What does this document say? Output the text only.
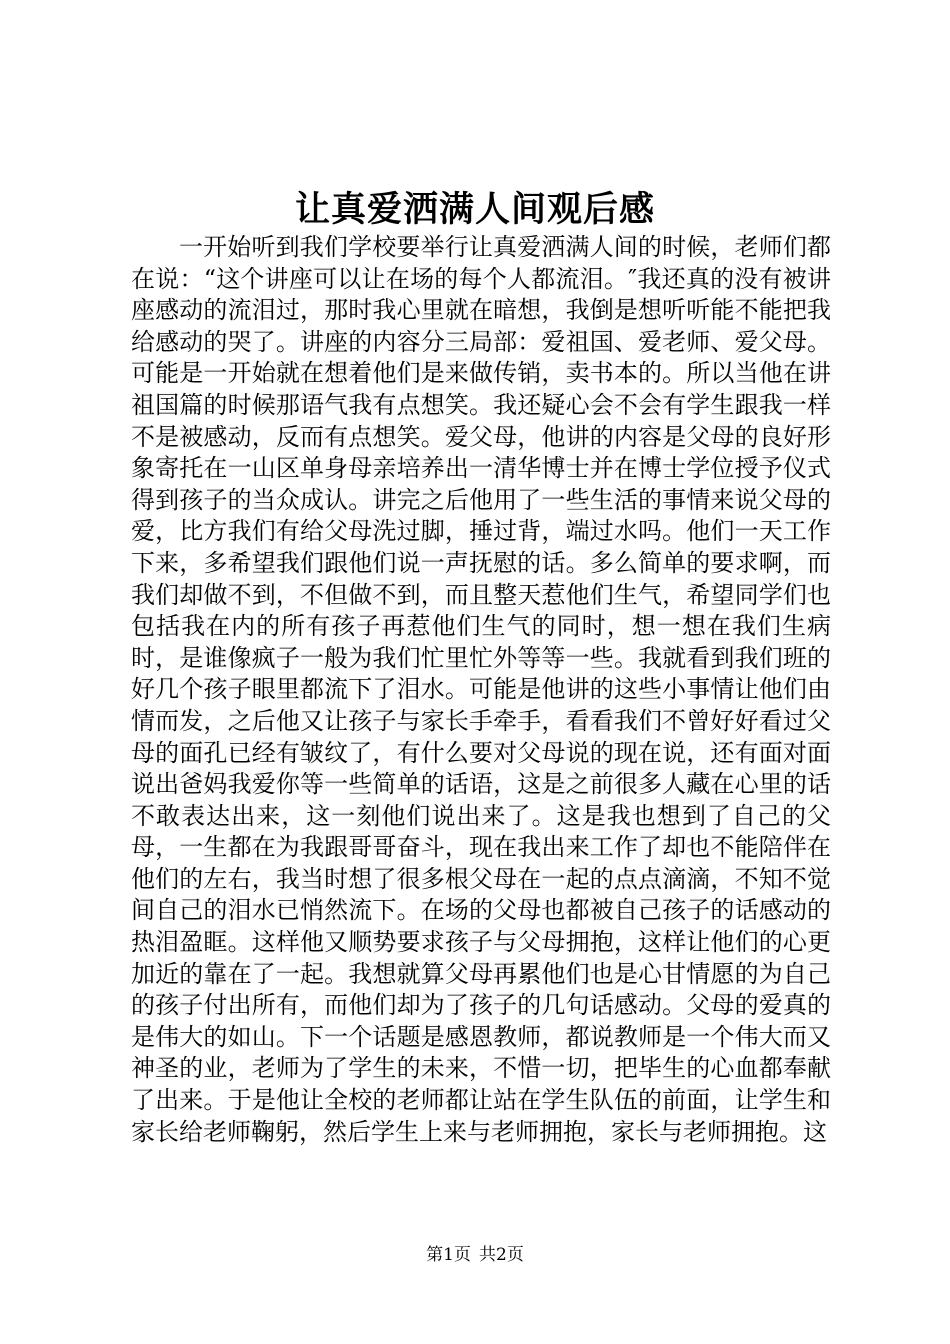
让真爱洒满人间观后感

一开始听到我们学校要举行让真爱洒满人间的时候，老师们都在说：“这个讲座可以让在场的每个人都流泪。″我还真的没有被讲座感动的流泪过，那时我心里就在暗想，我倒是想听听能不能把我给感动的哭了。讲座的内容分三局部：爱祖国、爱老师、爱父母。可能是一开始就在想着他们是来做传销，卖书本的。所以当他在讲祖国篇的时候那语气我有点想笑。我还疑心会不会有学生跟我一样不是被感动，反而有点想笑。爱父母，他讲的内容是父母的良好形象寄托在一山区单身母亲培养出一清华博士并在博士学位授予仪式得到孩子的当众成认。讲完之后他用了一些生活的事情来说父母的爱，比方我们有给父母洗过脚，捶过背，端过水吗。他们一天工作下来，多希望我们跟他们说一声抚慰的话。多么简单的要求啊，而我们却做不到，不但做不到，而且整天惹他们生气，希望同学们也包括我在内的所有孩子再惹他们生气的同时，想一想在我们生病时，是谁像疯子一般为我们忙里忙外等等一些。我就看到我们班的好几个孩子眼里都流下了泪水。可能是他讲的这些小事情让他们由情而发，之后他又让孩子与家长手牵手，看看我们不曾好好看过父母的面孔已经有皱纹了，有什么要对父母说的现在说，还有面对面说出爸妈我爱你等一些简单的话语，这是之前很多人藏在心里的话不敢表达出来，这一刻他们说出来了。这是我也想到了自己的父母，一生都在为我跟哥哥奋斗，现在我出来工作了却也不能陪伴在他们的左右，我当时想了很多根父母在一起的点点滴滴，不知不觉间自己的泪水已悄然流下。在场的父母也都被自己孩子的话感动的热泪盈眶。这样他又顺势要求孩子与父母拥抱，这样让他们的心更加近的靠在了一起。我想就算父母再累他们也是心甘情愿的为自己的孩子付出所有，而他们却为了孩子的几句话感动。父母的爱真的是伟大的如山。下一个话题是感恩教师，都说教师是一个伟大而又神圣的业，老师为了学生的未来，不惜一切，把毕生的心血都奉献了出来。于是他让全校的老师都让站在学生队伍的前面，让学生和家长给老师鞠躬，然后学生上来与老师拥抱，家长与老师拥抱。这

第1页 共2页
